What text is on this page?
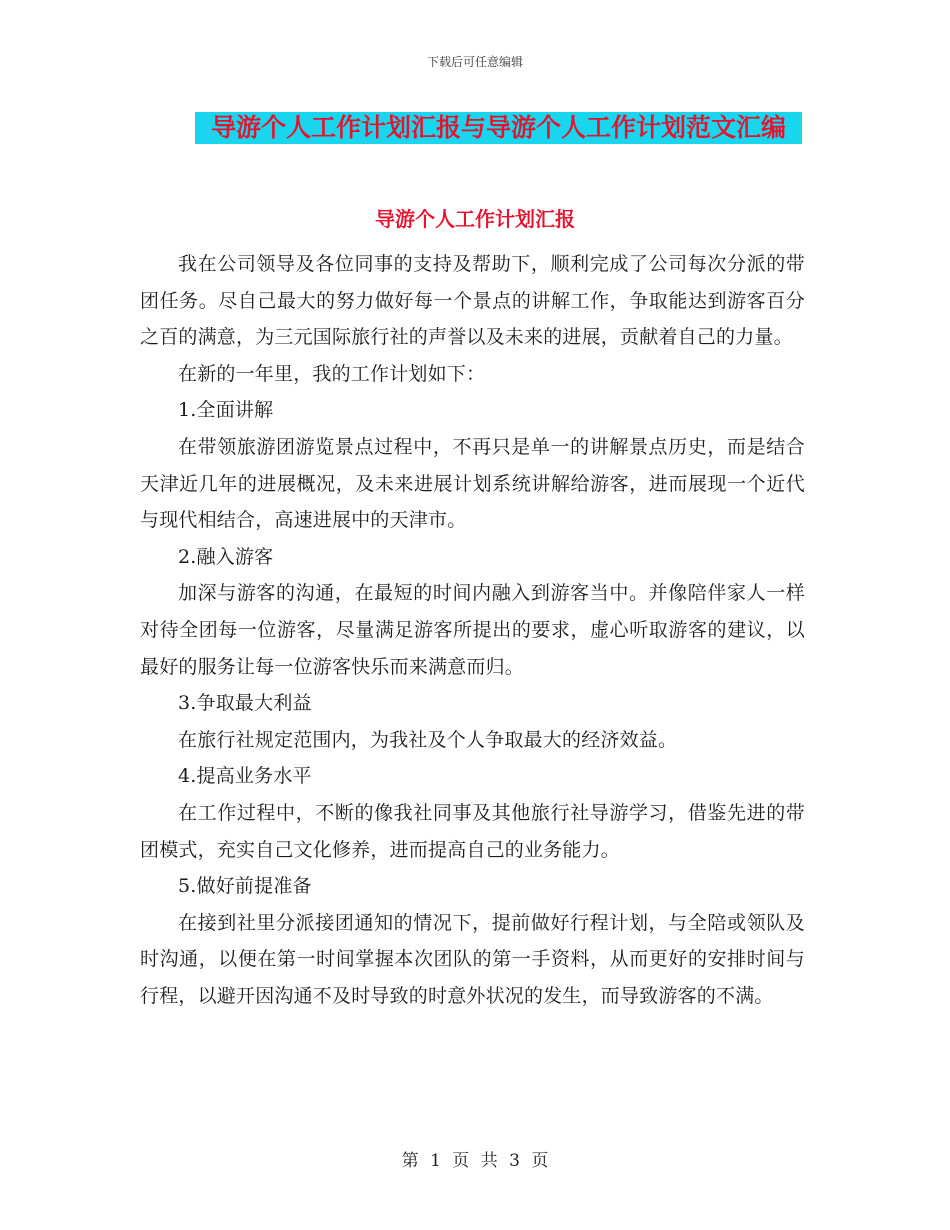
下载后可任意编辑
导游个人工作计划汇报与导游个人工作计划范文汇编
导游个人工作计划汇报

我在公司领导及各位同事的支持及帮助下，顺利完成了公司每次分派的带团任务。尽自己最大的努力做好每一个景点的讲解工作，争取能达到游客百分之百的满意，为三元国际旅行社的声誉以及未来的进展，贡献着自己的力量。

在新的一年里，我的工作计划如下：

1.全面讲解

在带领旅游团游览景点过程中，不再只是单一的讲解景点历史，而是结合天津近几年的进展概况，及未来进展计划系统讲解给游客，进而展现一个近代与现代相结合，高速进展中的天津市。

2.融入游客

加深与游客的沟通，在最短的时间内融入到游客当中。并像陪伴家人一样对待全团每一位游客，尽量满足游客所提出的要求，虚心听取游客的建议，以最好的服务让每一位游客快乐而来满意而归。

3.争取最大利益

在旅行社规定范围内，为我社及个人争取最大的经济效益。

4.提高业务水平

在工作过程中，不断的像我社同事及其他旅行社导游学习，借鉴先进的带团模式，充实自己文化修养，进而提高自己的业务能力。

5.做好前提准备

在接到社里分派接团通知的情况下，提前做好行程计划，与全陪或领队及时沟通，以便在第一时间掌握本次团队的第一手资料，从而更好的安排时间与行程，以避开因沟通不及时导致的时意外状况的发生，而导致游客的不满。

第 1 页 共 3 页
